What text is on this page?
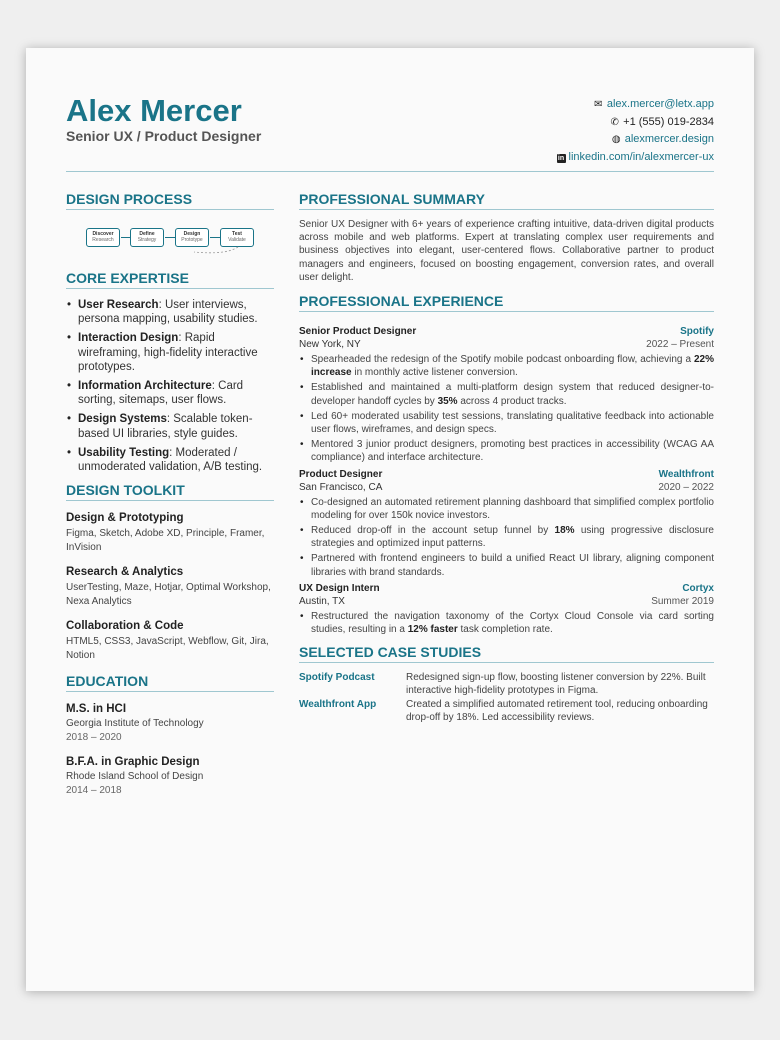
Alex Mercer
Senior UX / Product Designer
✉ alex.mercer@letx.app
✆ +1 (555) 019-2834
◍ alexmercer.design
in linkedin.com/in/alexmercer-ux
DESIGN PROCESS
Discover
Research
Define
Strategy
Design
Prototype
Test
Validate
CORE EXPERTISE
• User Research: User interviews, persona mapping, usability studies.
• Interaction Design: Rapid wireframing, high-fidelity interactive prototypes.
• Information Architecture: Card sorting, sitemaps, user flows.
• Design Systems: Scalable token-based UI libraries, style guides.
• Usability Testing: Moderated / unmoderated validation, A/B testing.
DESIGN TOOLKIT
Design & Prototyping
Figma, Sketch, Adobe XD, Principle, Framer, InVision
Research & Analytics
UserTesting, Maze, Hotjar, Optimal Workshop, Nexa Analytics
Collaboration & Code
HTML5, CSS3, JavaScript, Webflow, Git, Jira, Notion
EDUCATION
M.S. in HCI
Georgia Institute of Technology
2018 – 2020
B.F.A. in Graphic Design
Rhode Island School of Design
2014 – 2018
PROFESSIONAL SUMMARY
Senior UX Designer with 6+ years of experience crafting intuitive, data-driven digital products across mobile and web platforms. Expert at translating complex user requirements and business objectives into elegant, user-centered flows. Collaborative partner to product managers and engineers, focused on boosting engagement, conversion rates, and overall user delight.
PROFESSIONAL EXPERIENCE
Senior Product Designer	Spotify
New York, NY	2022 – Present
• Spearheaded the redesign of the Spotify mobile podcast onboarding flow, achieving a 22% increase in monthly active listener conversion.
• Established and maintained a multi-platform design system that reduced designer-to-developer handoff cycles by 35% across 4 product tracks.
• Led 60+ moderated usability test sessions, translating qualitative feedback into actionable user flows, wireframes, and design specs.
• Mentored 3 junior product designers, promoting best practices in accessibility (WCAG AA compliance) and interface architecture.
Product Designer	Wealthfront
San Francisco, CA	2020 – 2022
• Co-designed an automated retirement planning dashboard that simplified complex portfolio modeling for over 150k novice investors.
• Reduced drop-off in the account setup funnel by 18% using progressive disclosure strategies and optimized input patterns.
• Partnered with frontend engineers to build a unified React UI library, aligning component libraries with brand standards.
UX Design Intern	Cortyx
Austin, TX	Summer 2019
• Restructured the navigation taxonomy of the Cortyx Cloud Console via card sorting studies, resulting in a 12% faster task completion rate.
SELECTED CASE STUDIES
Spotify Podcast	Redesigned sign-up flow, boosting listener conversion by 22%. Built interactive high-fidelity prototypes in Figma.
Wealthfront App	Created a simplified automated retirement tool, reducing onboarding drop-off by 18%. Led accessibility reviews.
